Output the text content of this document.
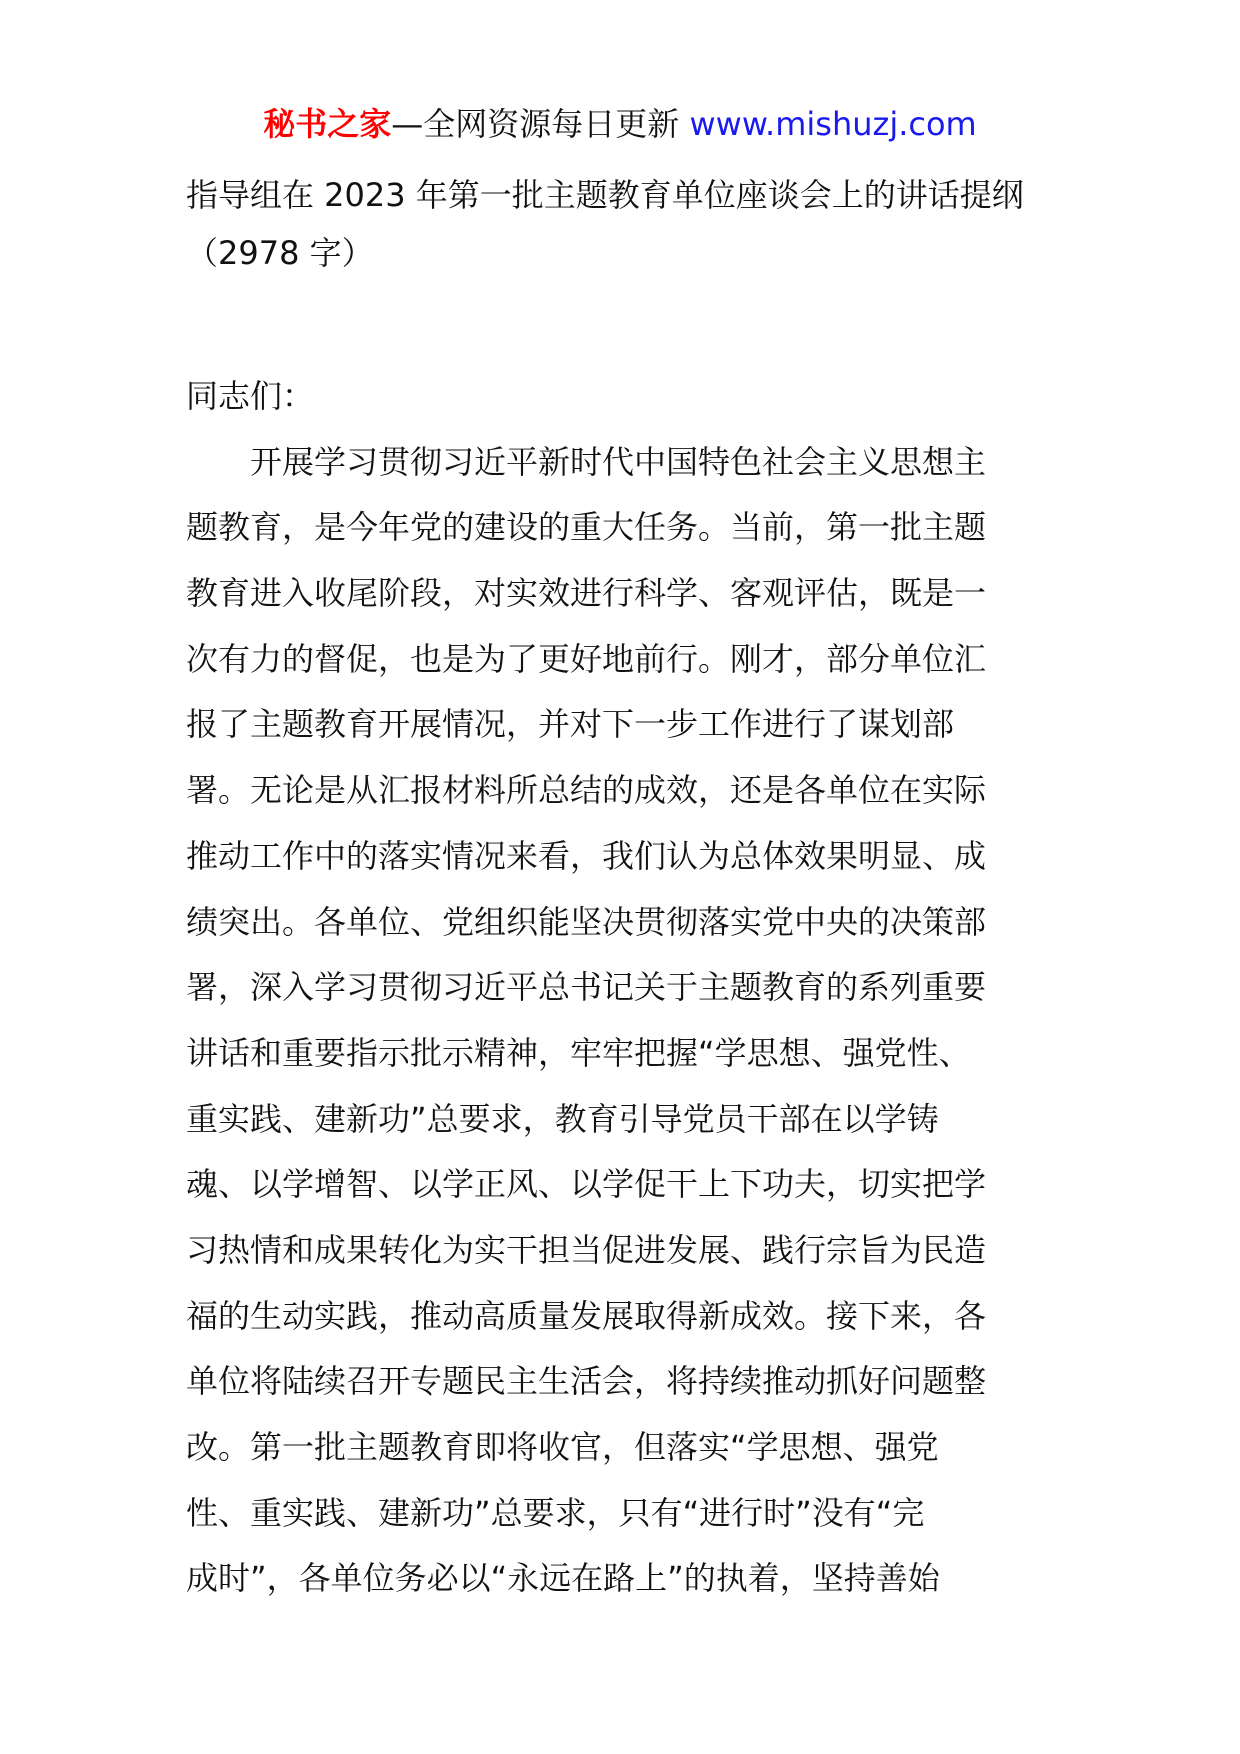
秘书之家—全网资源每日更新 www.mishuzj.com
指导组在 2023 年第一批主题教育单位座谈会上的讲话提纲
（2978 字）
同志们：
开展学习贯彻习近平新时代中国特色社会主义思想主
题教育，是今年党的建设的重大任务。当前，第一批主题
教育进入收尾阶段，对实效进行科学、客观评估，既是一
次有力的督促，也是为了更好地前行。刚才，部分单位汇
报了主题教育开展情况，并对下一步工作进行了谋划部
署。无论是从汇报材料所总结的成效，还是各单位在实际
推动工作中的落实情况来看，我们认为总体效果明显、成
绩突出。各单位、党组织能坚决贯彻落实党中央的决策部
署，深入学习贯彻习近平总书记关于主题教育的系列重要
讲话和重要指示批示精神，牢牢把握“学思想、强党性、
重实践、建新功”总要求，教育引导党员干部在以学铸
魂、以学增智、以学正风、以学促干上下功夫，切实把学
习热情和成果转化为实干担当促进发展、践行宗旨为民造
福的生动实践，推动高质量发展取得新成效。接下来，各
单位将陆续召开专题民主生活会，将持续推动抓好问题整
改。第一批主题教育即将收官，但落实“学思想、强党
性、重实践、建新功”总要求，只有“进行时”没有“完
成时”，各单位务必以“永远在路上”的执着，坚持善始
